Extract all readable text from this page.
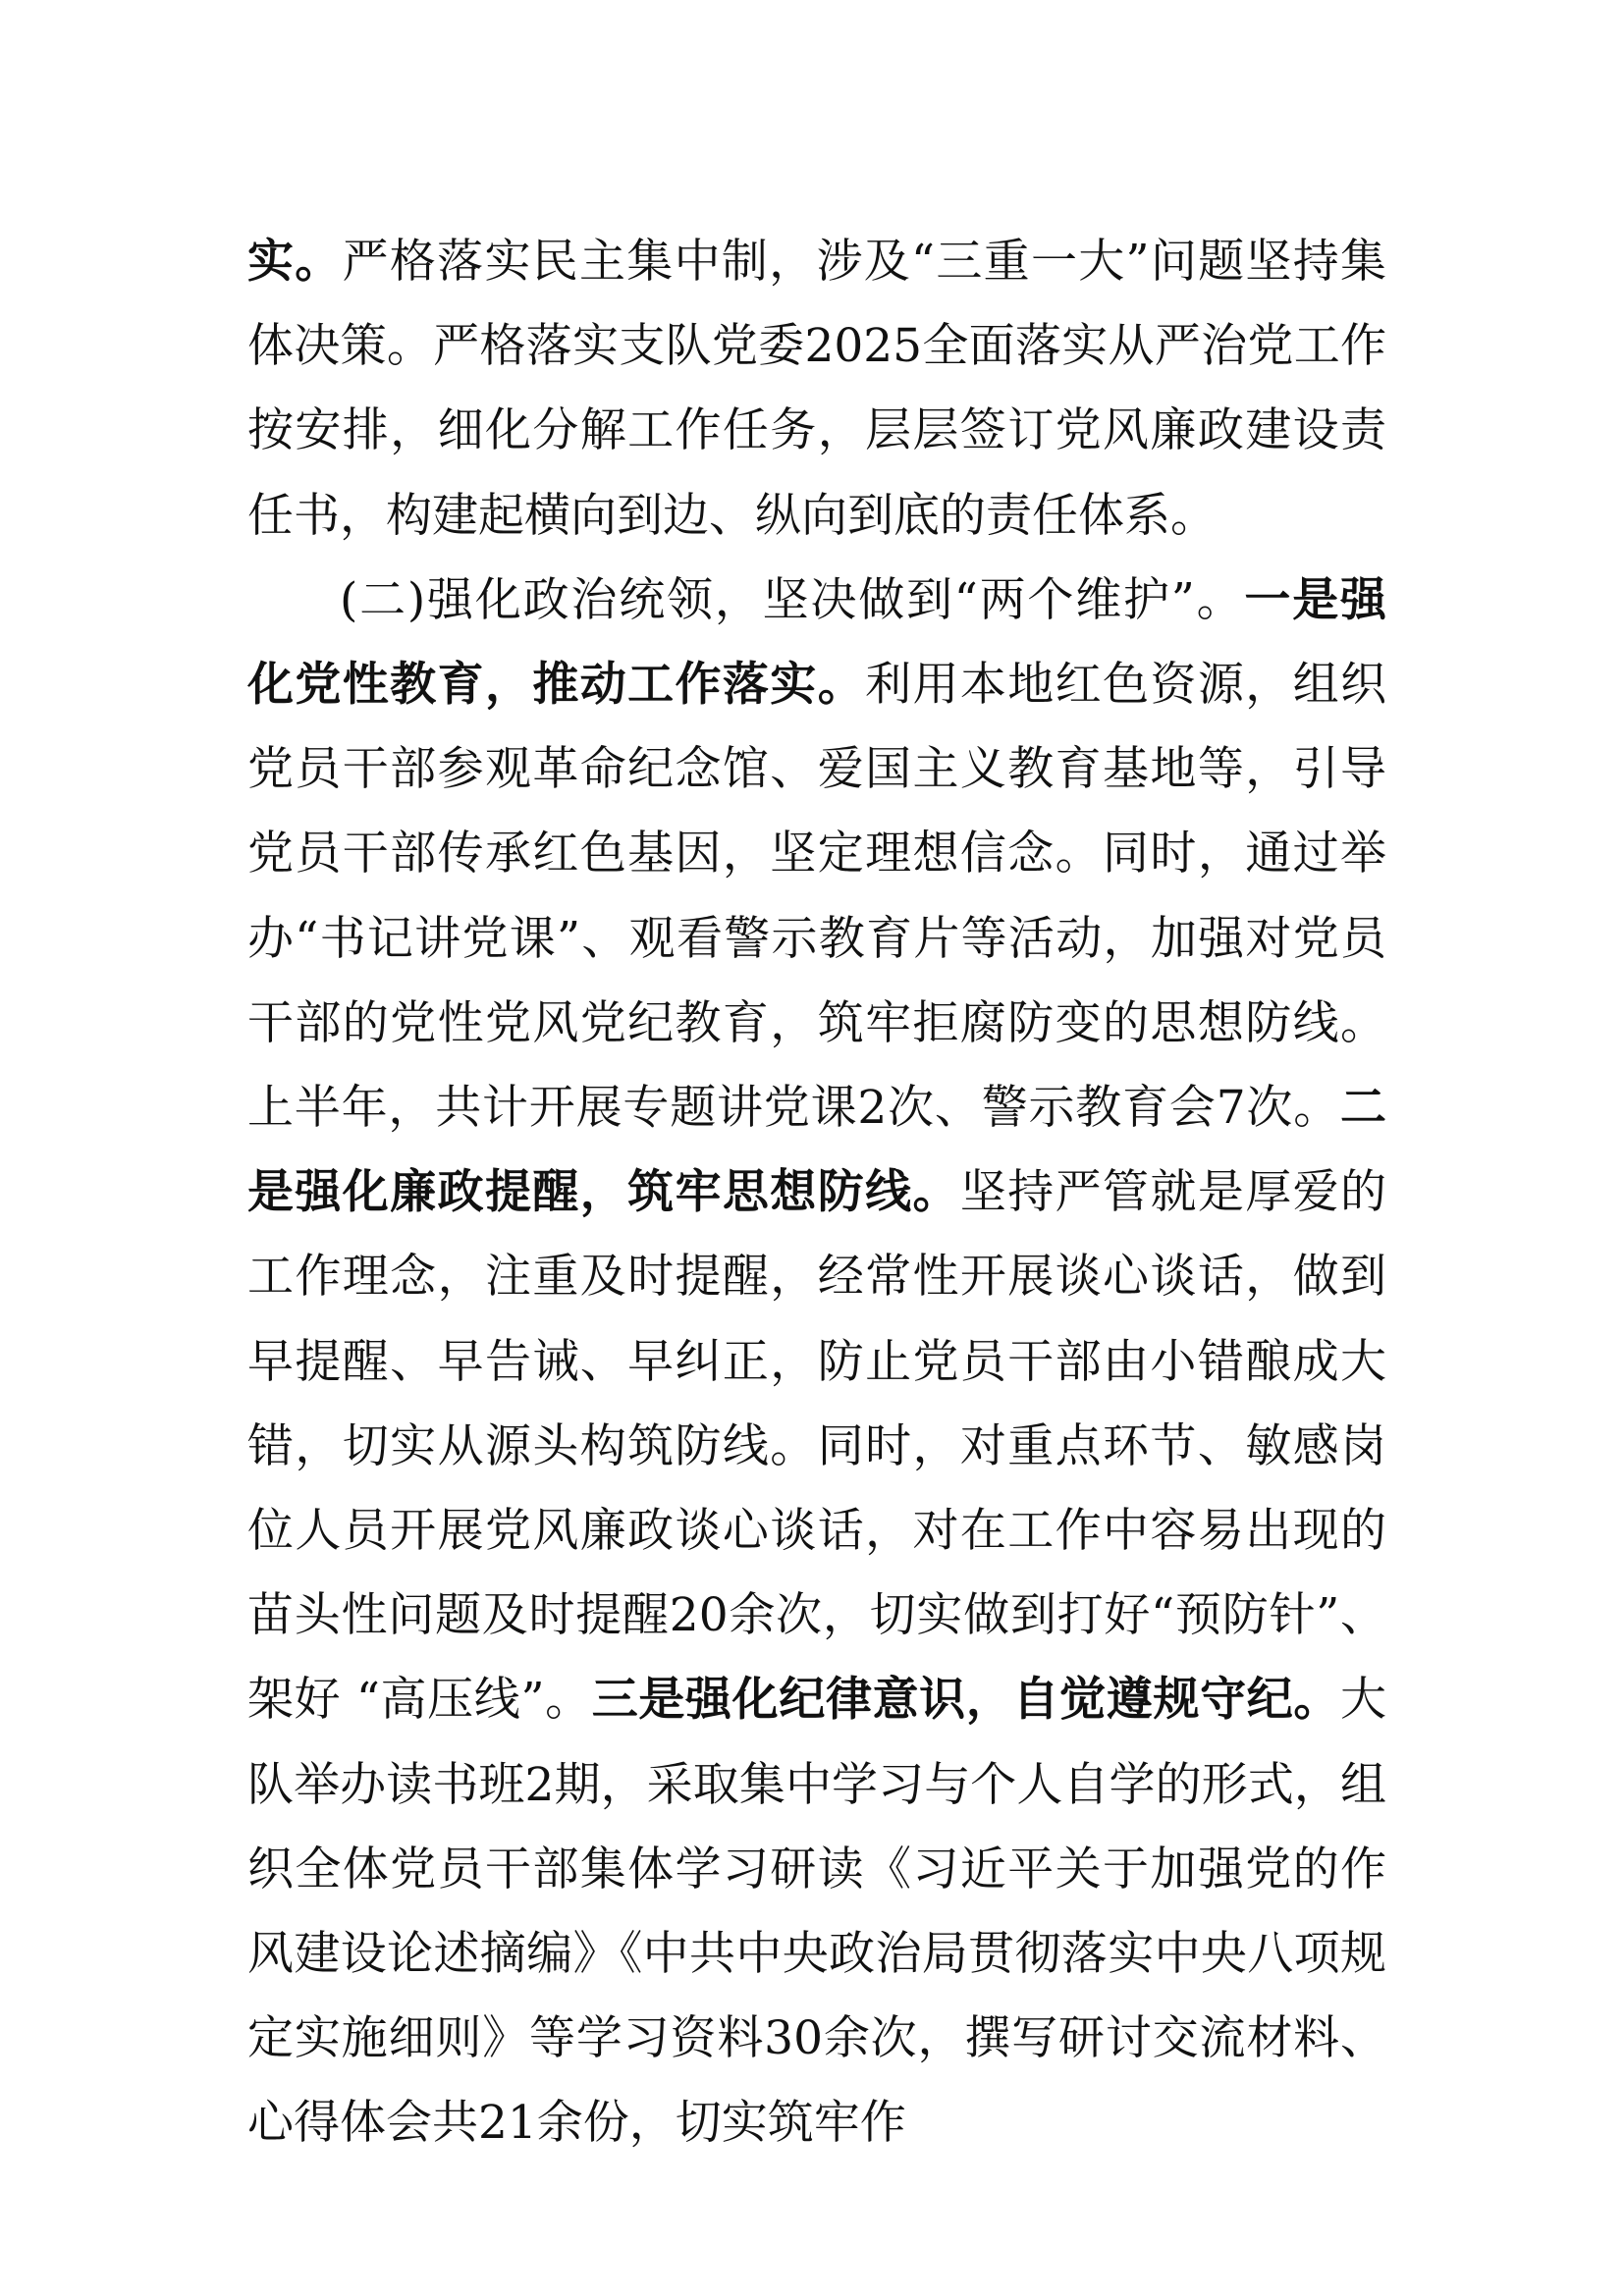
实。严格落实民主集中制，涉及“三重一大”问题坚持集体决策。严格落实支队党委2025全面落实从严治党工作按安排，细化分解工作任务，层层签订党风廉政建设责任书，构建起横向到边、纵向到底的责任体系。

(二)强化政治统领，坚决做到“两个维护”。一是强化党性教育，推动工作落实。利用本地红色资源，组织党员干部参观革命纪念馆、爱国主义教育基地等，引导党员干部传承红色基因，坚定理想信念。同时，通过举办“书记讲党课”、观看警示教育片等活动，加强对党员干部的党性党风党纪教育，筑牢拒腐防变的思想防线。上半年，共计开展专题讲党课2次、警示教育会7次。二是强化廉政提醒，筑牢思想防线。坚持严管就是厚爱的工作理念，注重及时提醒，经常性开展谈心谈话，做到早提醒、早告诫、早纠正，防止党员干部由小错酿成大错，切实从源头构筑防线。同时，对重点环节、敏感岗位人员开展党风廉政谈心谈话，对在工作中容易出现的苗头性问题及时提醒20余次，切实做到打好“预防针”、架好 “高压线”。三是强化纪律意识，自觉遵规守纪。大队举办读书班2期，采取集中学习与个人自学的形式，组织全体党员干部集体学习研读《习近平关于加强党的作风建设论述摘编》《中共中央政治局贯彻落实中央八项规定实施细则》等学习资料30余次，撰写研讨交流材料、心得体会共21余份，切实筑牢作
